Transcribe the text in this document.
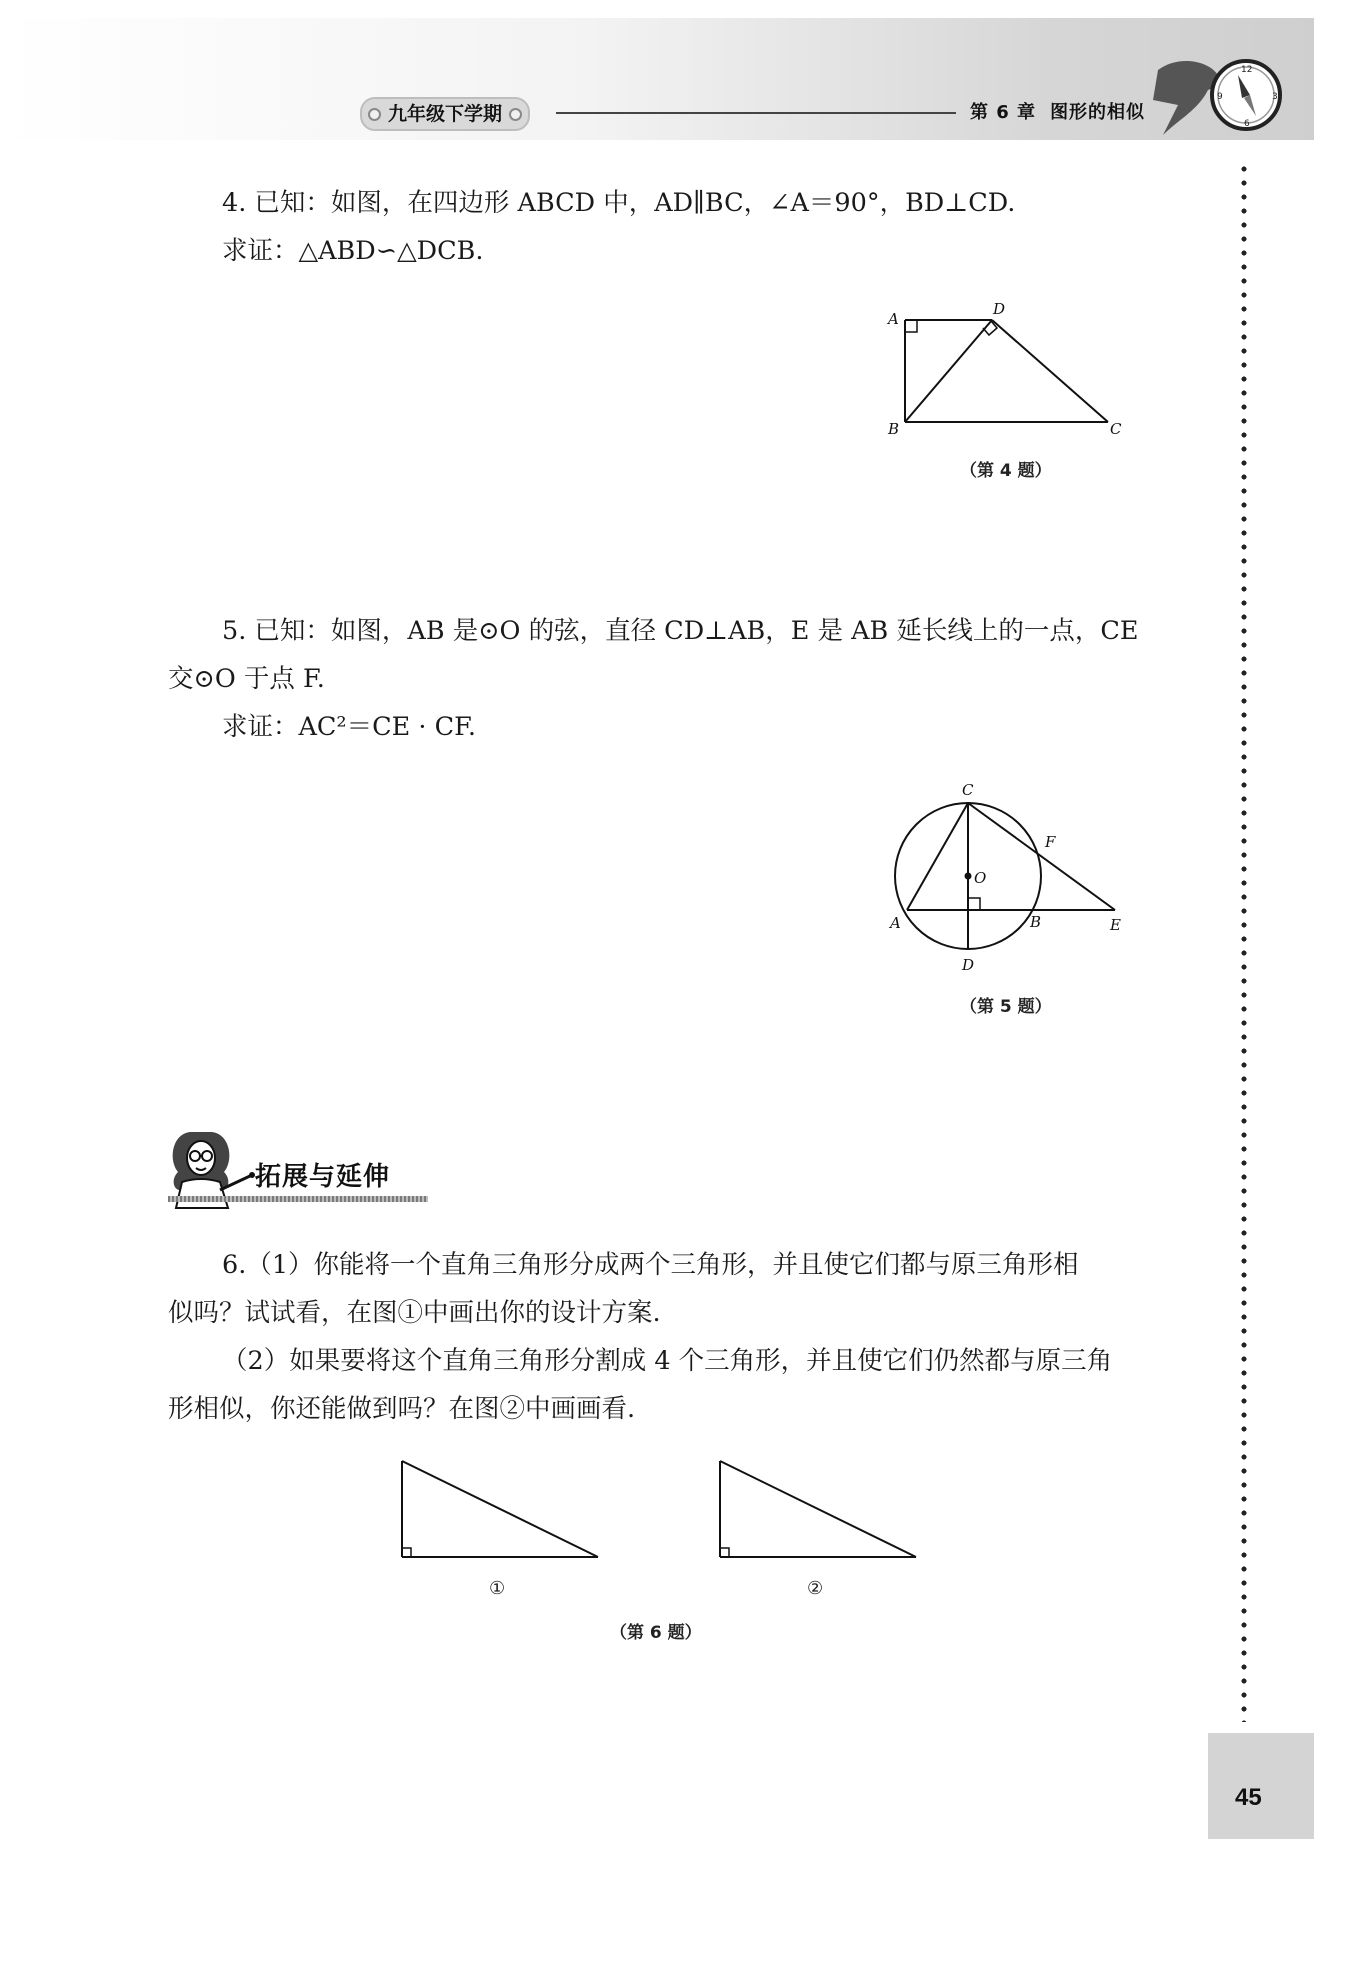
九年级下学期	第 6 章 图形的相似
12
3
6
9
45
4. 已知：如图，在四边形 ABCD 中，AD∥BC，∠A＝90°，BD⊥CD.
求证：△ABD∽△DCB.
A
D
B	C
（第 4 题）
5. 已知：如图，AB 是⊙O 的弦，直径 CD⊥AB，E 是 AB 延长线上的一点，CE
交⊙O 于点 F.
求证：AC²＝CE · CF.
C
F
O
A	B	E
D
（第 5 题）
拓展与延伸
6.（1）你能将一个直角三角形分成两个三角形，并且使它们都与原三角形相
似吗？试试看，在图①中画出你的设计方案.
（2）如果要将这个直角三角形分割成 4 个三角形，并且使它们仍然都与原三角
形相似，你还能做到吗？在图②中画画看.
①	②
（第 6 题）
